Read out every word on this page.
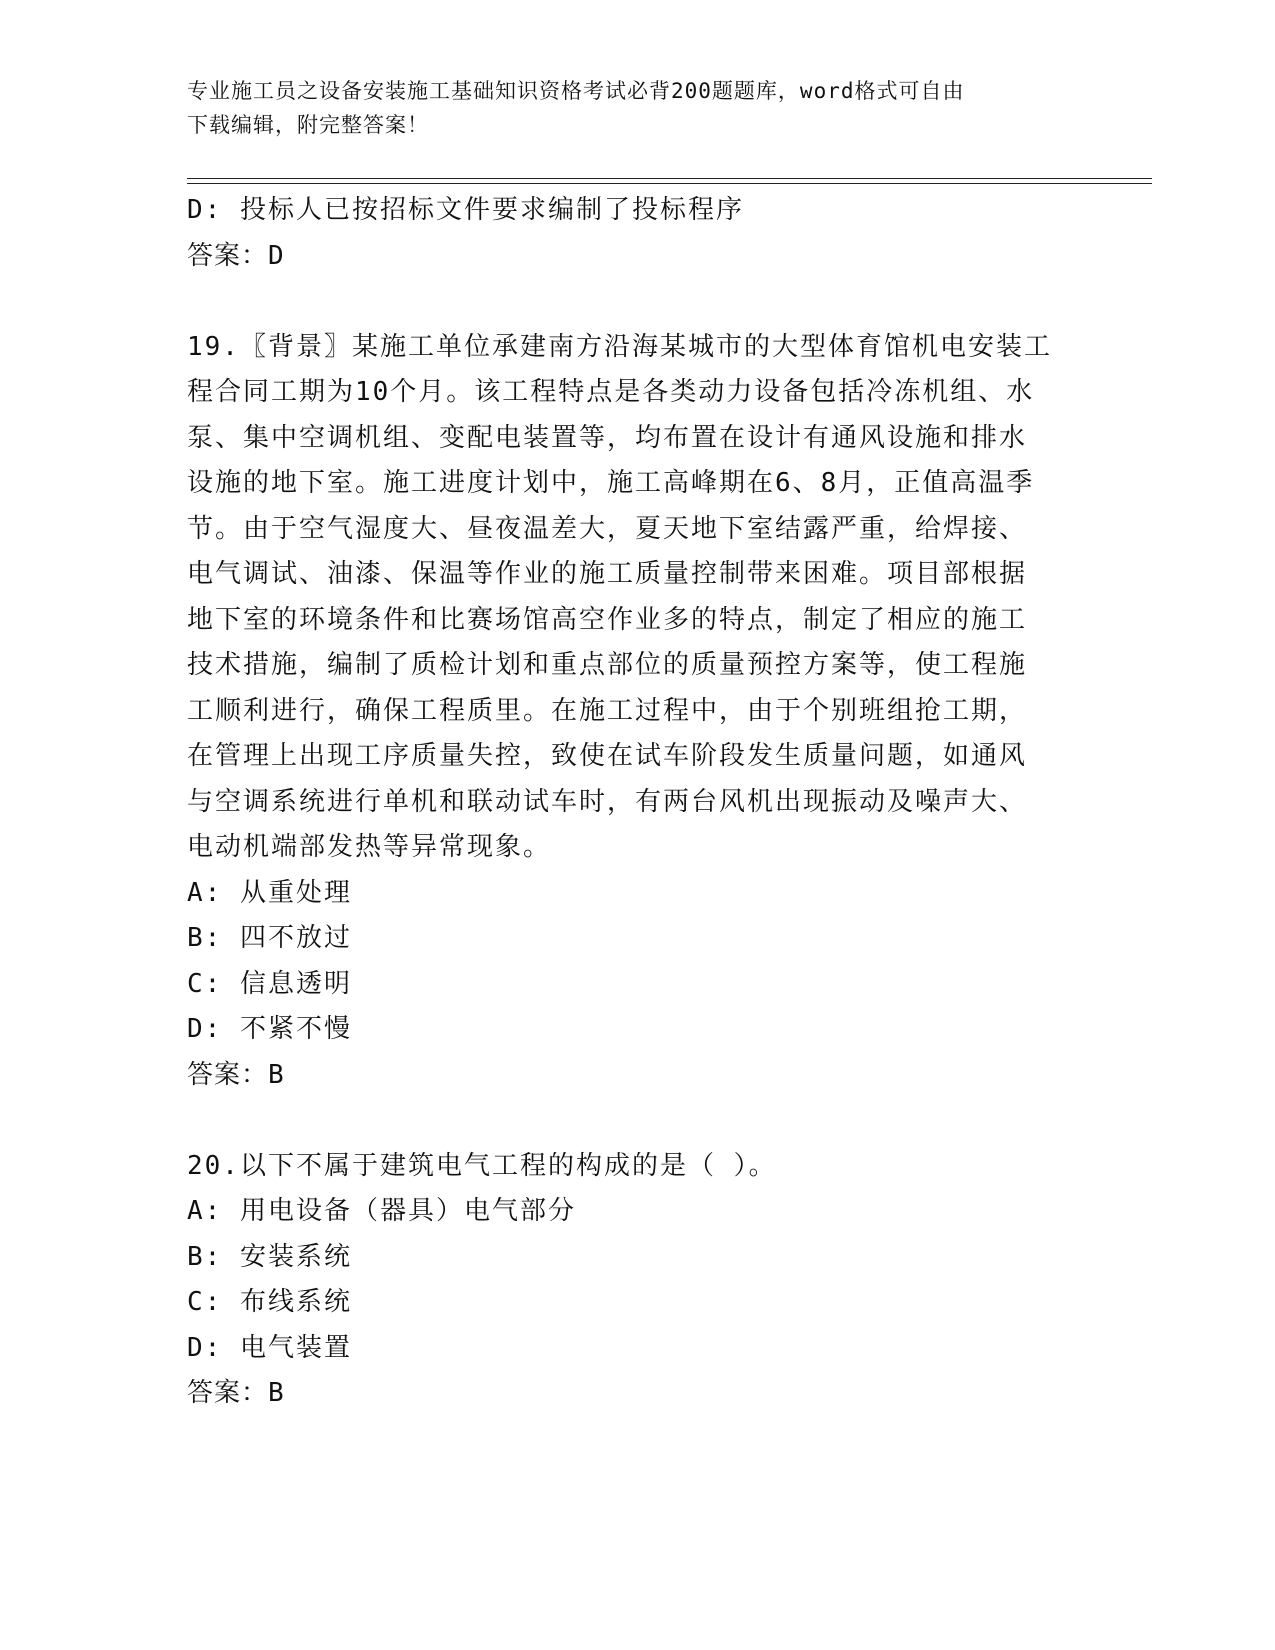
专业施工员之设备安装施工基础知识资格考试必背200题题库，word格式可自由
下载编辑，附完整答案！
D: 投标人已按招标文件要求编制了投标程序
答案：D
19.〖背景〗某施工单位承建南方沿海某城市的大型体育馆机电安装工
程合同工期为10个月。该工程特点是各类动力设备包括冷冻机组、水
泵、集中空调机组、变配电装置等，均布置在设计有通风设施和排水
设施的地下室。施工进度计划中，施工高峰期在6、8月，正值高温季
节。由于空气湿度大、昼夜温差大，夏天地下室结露严重，给焊接、
电气调试、油漆、保温等作业的施工质量控制带来困难。项目部根据
地下室的环境条件和比赛场馆高空作业多的特点，制定了相应的施工
技术措施，编制了质检计划和重点部位的质量预控方案等，使工程施
工顺利进行，确保工程质里。在施工过程中，由于个别班组抢工期，
在管理上出现工序质量失控，致使在试车阶段发生质量问题，如通风
与空调系统进行单机和联动试车时，有两台风机出现振动及噪声大、
电动机端部发热等异常现象。
A: 从重处理
B: 四不放过
C: 信息透明
D: 不紧不慢
答案：B
20.以下不属于建筑电气工程的构成的是（ ）。
A: 用电设备（器具）电气部分
B: 安装系统
C: 布线系统
D: 电气装置
答案：B
